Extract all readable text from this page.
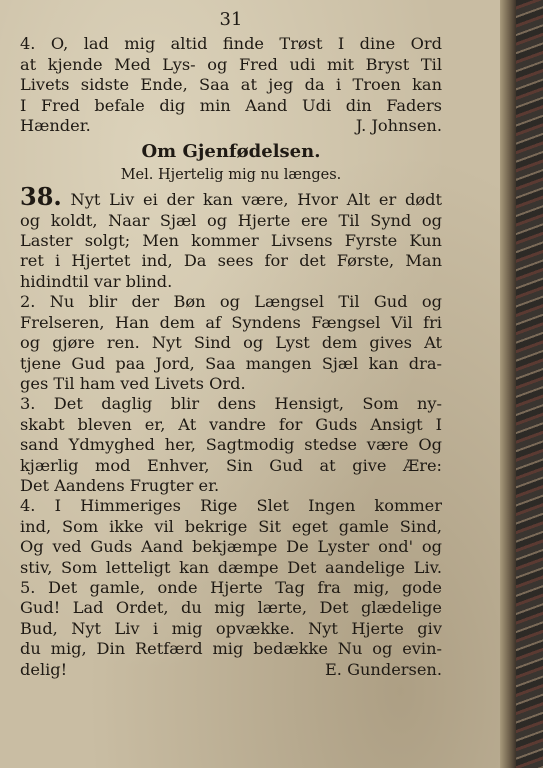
31
4. O, lad mig altid finde Trøst I dine Ord
at kjende Med Lys- og Fred udi mit Bryst Til
Livets sidste Ende, Saa at jeg da i Troen kan
I Fred befale dig min Aand Udi din Faders
Hænder.	J. Johnsen.
Om Gjenfødelsen.
Mel. Hjertelig mig nu længes.
38. Nyt Liv ei der kan være, Hvor Alt er dødt
og koldt, Naar Sjæl og Hjerte ere Til Synd og
Laster solgt; Men kommer Livsens Fyrste Kun
ret i Hjertet ind, Da sees for det Første, Man
hidindtil var blind.
2. Nu blir der Bøn og Længsel Til Gud og
Frelseren, Han dem af Syndens Fængsel Vil fri
og gjøre ren. Nyt Sind og Lyst dem gives At
tjene Gud paa Jord, Saa mangen Sjæl kan dra-
ges Til ham ved Livets Ord.
3. Det daglig blir dens Hensigt, Som ny-
skabt bleven er, At vandre for Guds Ansigt I
sand Ydmyghed her, Sagtmodig stedse være Og
kjærlig mod Enhver, Sin Gud at give Ære:
Det Aandens Frugter er.
4. I Himmeriges Rige Slet Ingen kommer
ind, Som ikke vil bekrige Sit eget gamle Sind,
Og ved Guds Aand bekjæmpe De Lyster ond' og
stiv, Som letteligt kan dæmpe Det aandelige Liv.
5. Det gamle, onde Hjerte Tag fra mig, gode
Gud! Lad Ordet, du mig lærte, Det glædelige
Bud, Nyt Liv i mig opvække. Nyt Hjerte giv
du mig, Din Retfærd mig bedække Nu og evin-
delig!	E. Gundersen.
